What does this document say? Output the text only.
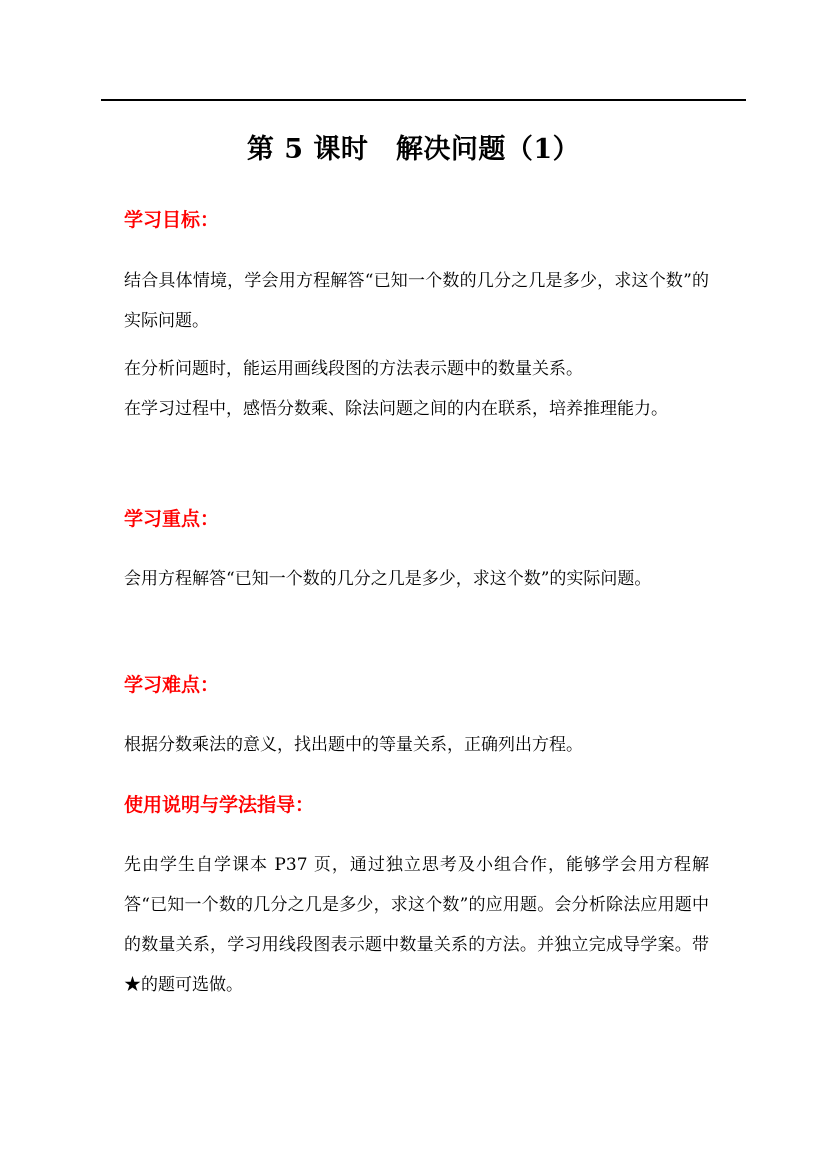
第 5 课时　解决问题（1）
学习目标：

结合具体情境，学会用方程解答“已知一个数的几分之几是多少，求这个数”的实际问题。

在分析问题时，能运用画线段图的方法表示题中的数量关系。

在学习过程中，感悟分数乘、除法问题之间的内在联系，培养推理能力。

学习重点：

会用方程解答“已知一个数的几分之几是多少，求这个数”的实际问题。

学习难点：

根据分数乘法的意义，找出题中的等量关系，正确列出方程。

使用说明与学法指导：

先由学生自学课本 P37 页，通过独立思考及小组合作，能够学会用方程解答“已知一个数的几分之几是多少，求这个数”的应用题。会分析除法应用题中的数量关系，学习用线段图表示题中数量关系的方法。并独立完成导学案。带★的题可选做。
